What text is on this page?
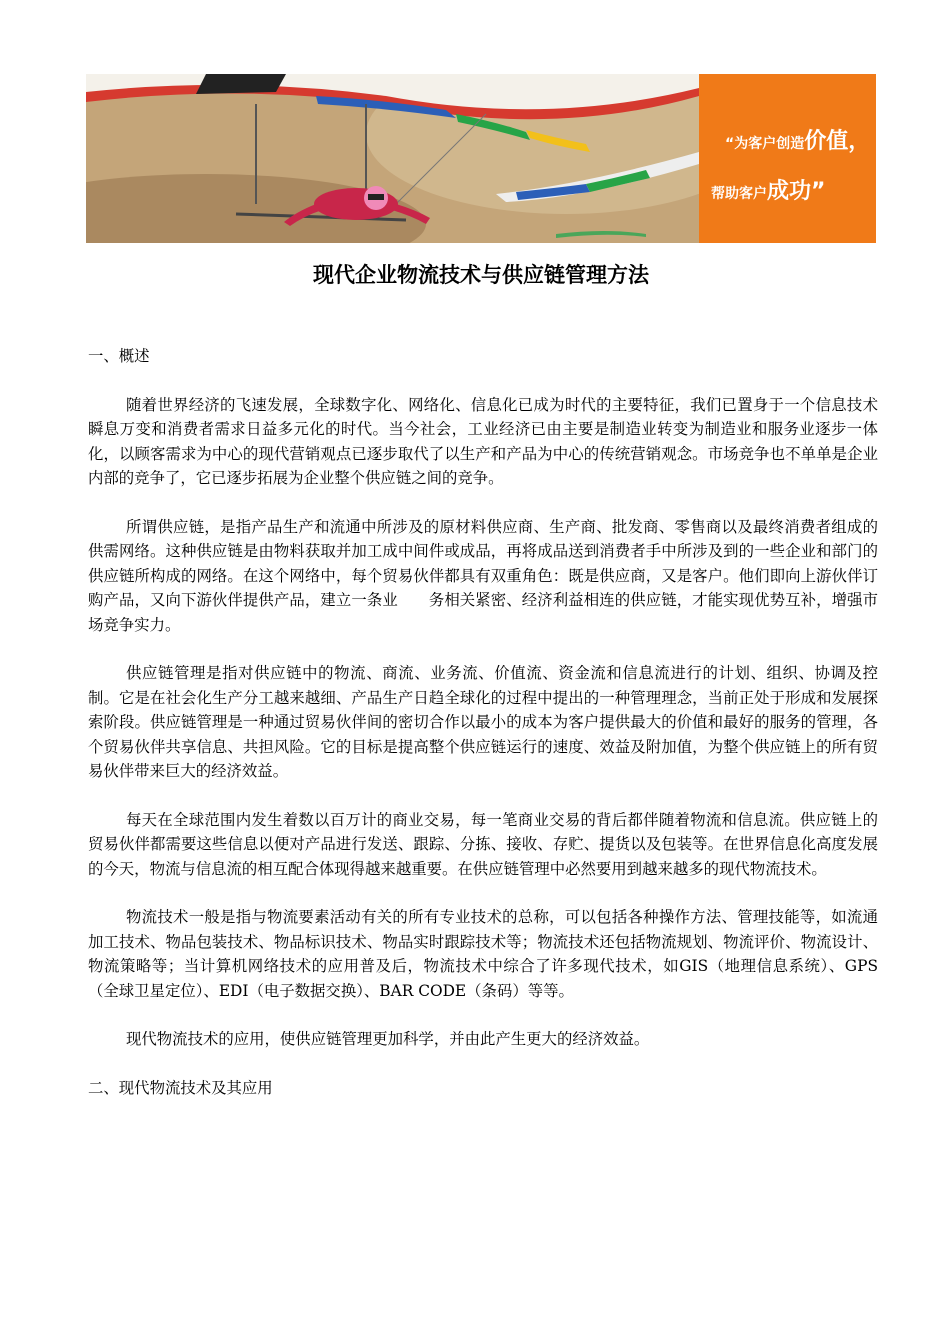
“为客户创造价值，
帮助客户成功”
现代企业物流技术与供应链管理方法

一、概述

随着世界经济的飞速发展，全球数字化、网络化、信息化已成为时代的主要特征，我们已置身于一个信息技术瞬息万变和消费者需求日益多元化的时代。当今社会，工业经济已由主要是制造业转变为制造业和服务业逐步一体化，以顾客需求为中心的现代营销观点已逐步取代了以生产和产品为中心的传统营销观念。市场竞争也不单单是企业内部的竞争了，它已逐步拓展为企业整个供应链之间的竞争。

所谓供应链，是指产品生产和流通中所涉及的原材料供应商、生产商、批发商、零售商以及最终消费者组成的供需网络。这种供应链是由物料获取并加工成中间件或成品，再将成品送到消费者手中所涉及到的一些企业和部门的供应链所构成的网络。在这个网络中，每个贸易伙伴都具有双重角色：既是供应商，又是客户。他们即向上游伙伴订购产品，又向下游伙伴提供产品，建立一条业　　务相关紧密、经济利益相连的供应链，才能实现优势互补，增强市场竞争实力。

供应链管理是指对供应链中的物流、商流、业务流、价值流、资金流和信息流进行的计划、组织、协调及控制。它是在社会化生产分工越来越细、产品生产日趋全球化的过程中提出的一种管理理念，当前正处于形成和发展探索阶段。供应链管理是一种通过贸易伙伴间的密切合作以最小的成本为客户提供最大的价值和最好的服务的管理，各个贸易伙伴共享信息、共担风险。它的目标是提高整个供应链运行的速度、效益及附加值，为整个供应链上的所有贸易伙伴带来巨大的经济效益。

每天在全球范围内发生着数以百万计的商业交易，每一笔商业交易的背后都伴随着物流和信息流。供应链上的贸易伙伴都需要这些信息以便对产品进行发送、跟踪、分拣、接收、存贮、提货以及包装等。在世界信息化高度发展的今天，物流与信息流的相互配合体现得越来越重要。在供应链管理中必然要用到越来越多的现代物流技术。

物流技术一般是指与物流要素活动有关的所有专业技术的总称，可以包括各种操作方法、管理技能等，如流通加工技术、物品包装技术、物品标识技术、物品实时跟踪技术等；物流技术还包括物流规划、物流评价、物流设计、物流策略等；当计算机网络技术的应用普及后，物流技术中综合了许多现代技术，如GIS（地理信息系统）、GPS（全球卫星定位）、EDI（电子数据交换）、BAR CODE（条码）等等。

现代物流技术的应用，使供应链管理更加科学，并由此产生更大的经济效益。

二、现代物流技术及其应用
